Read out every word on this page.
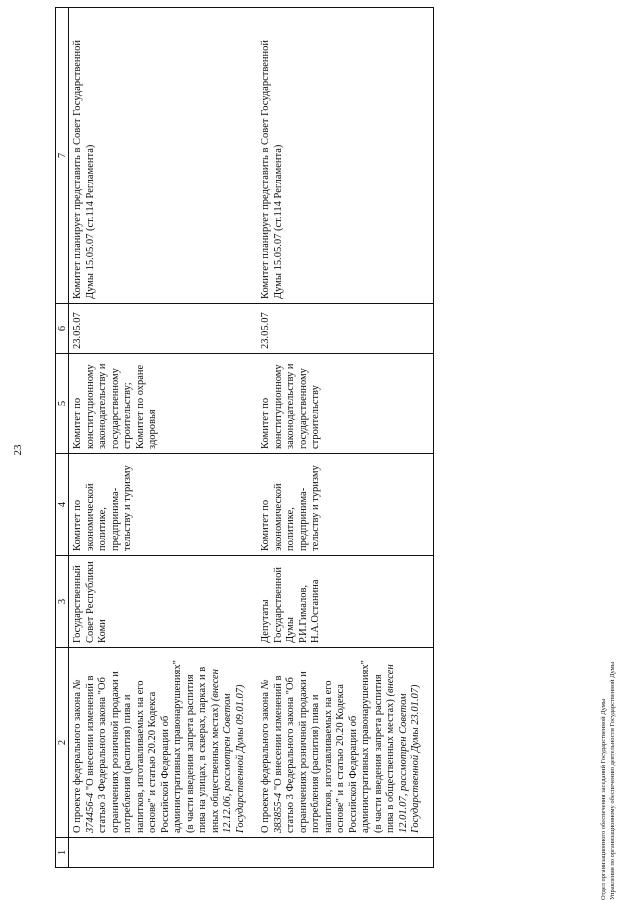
23
1	2	3	4	5	6	7
	О проекте федерального закона № 374456-4 "О внесении изменений в статью 3 Федерального закона "Об ограничениях розничной продажи и потребления (распития) пива и напитков, изготавливаемых на его основе" и статью 20.20 Кодекса Российской Федерации об административных правонарушениях" (в части введения запрета распития пива на улицах, в скверах, парках и в иных общественных местах) (внесен 12.12.06, рассмотрен Советом Государственной Думы 09.01.07)	Государственный Совет Республики Коми	Комитет по экономической политике, предпринима-тельству и туризму	Комитет по конституционному законодательству и государственному строительству; Комитет по охране здоровья	23.05.07	Комитет планирует представить в Совет Государственной Думы 15.05.07 (ст.114 Регламента)
	О проекте федерального закона № 383855-4 "О внесении изменений в статью 3 Федерального закона "Об ограничениях розничной продажи и потребления (распития) пива и напитков, изготавливаемых на его основе" и в статью 20.20 Кодекса Российской Федерации об административных правонарушениях" (в части введения запрета распития пива в общественных местах) (внесен 12.01.07, рассмотрен Советом Государственной Думы 23.01.07)	Депутаты Государственной Думы Р.И.Гималов, Н.А.Останина	Комитет по экономической политике, предпринима-тельству и туризму	Комитет по конституционному законодательству и государственному строительству	23.05.07	Комитет планирует представить в Совет Государственной Думы 15.05.07 (ст.114 Регламента)
Отдел организационного обеспечения заседаний Государственной Думы Управления по организационному обеспечению деятельности Государственной Думы
